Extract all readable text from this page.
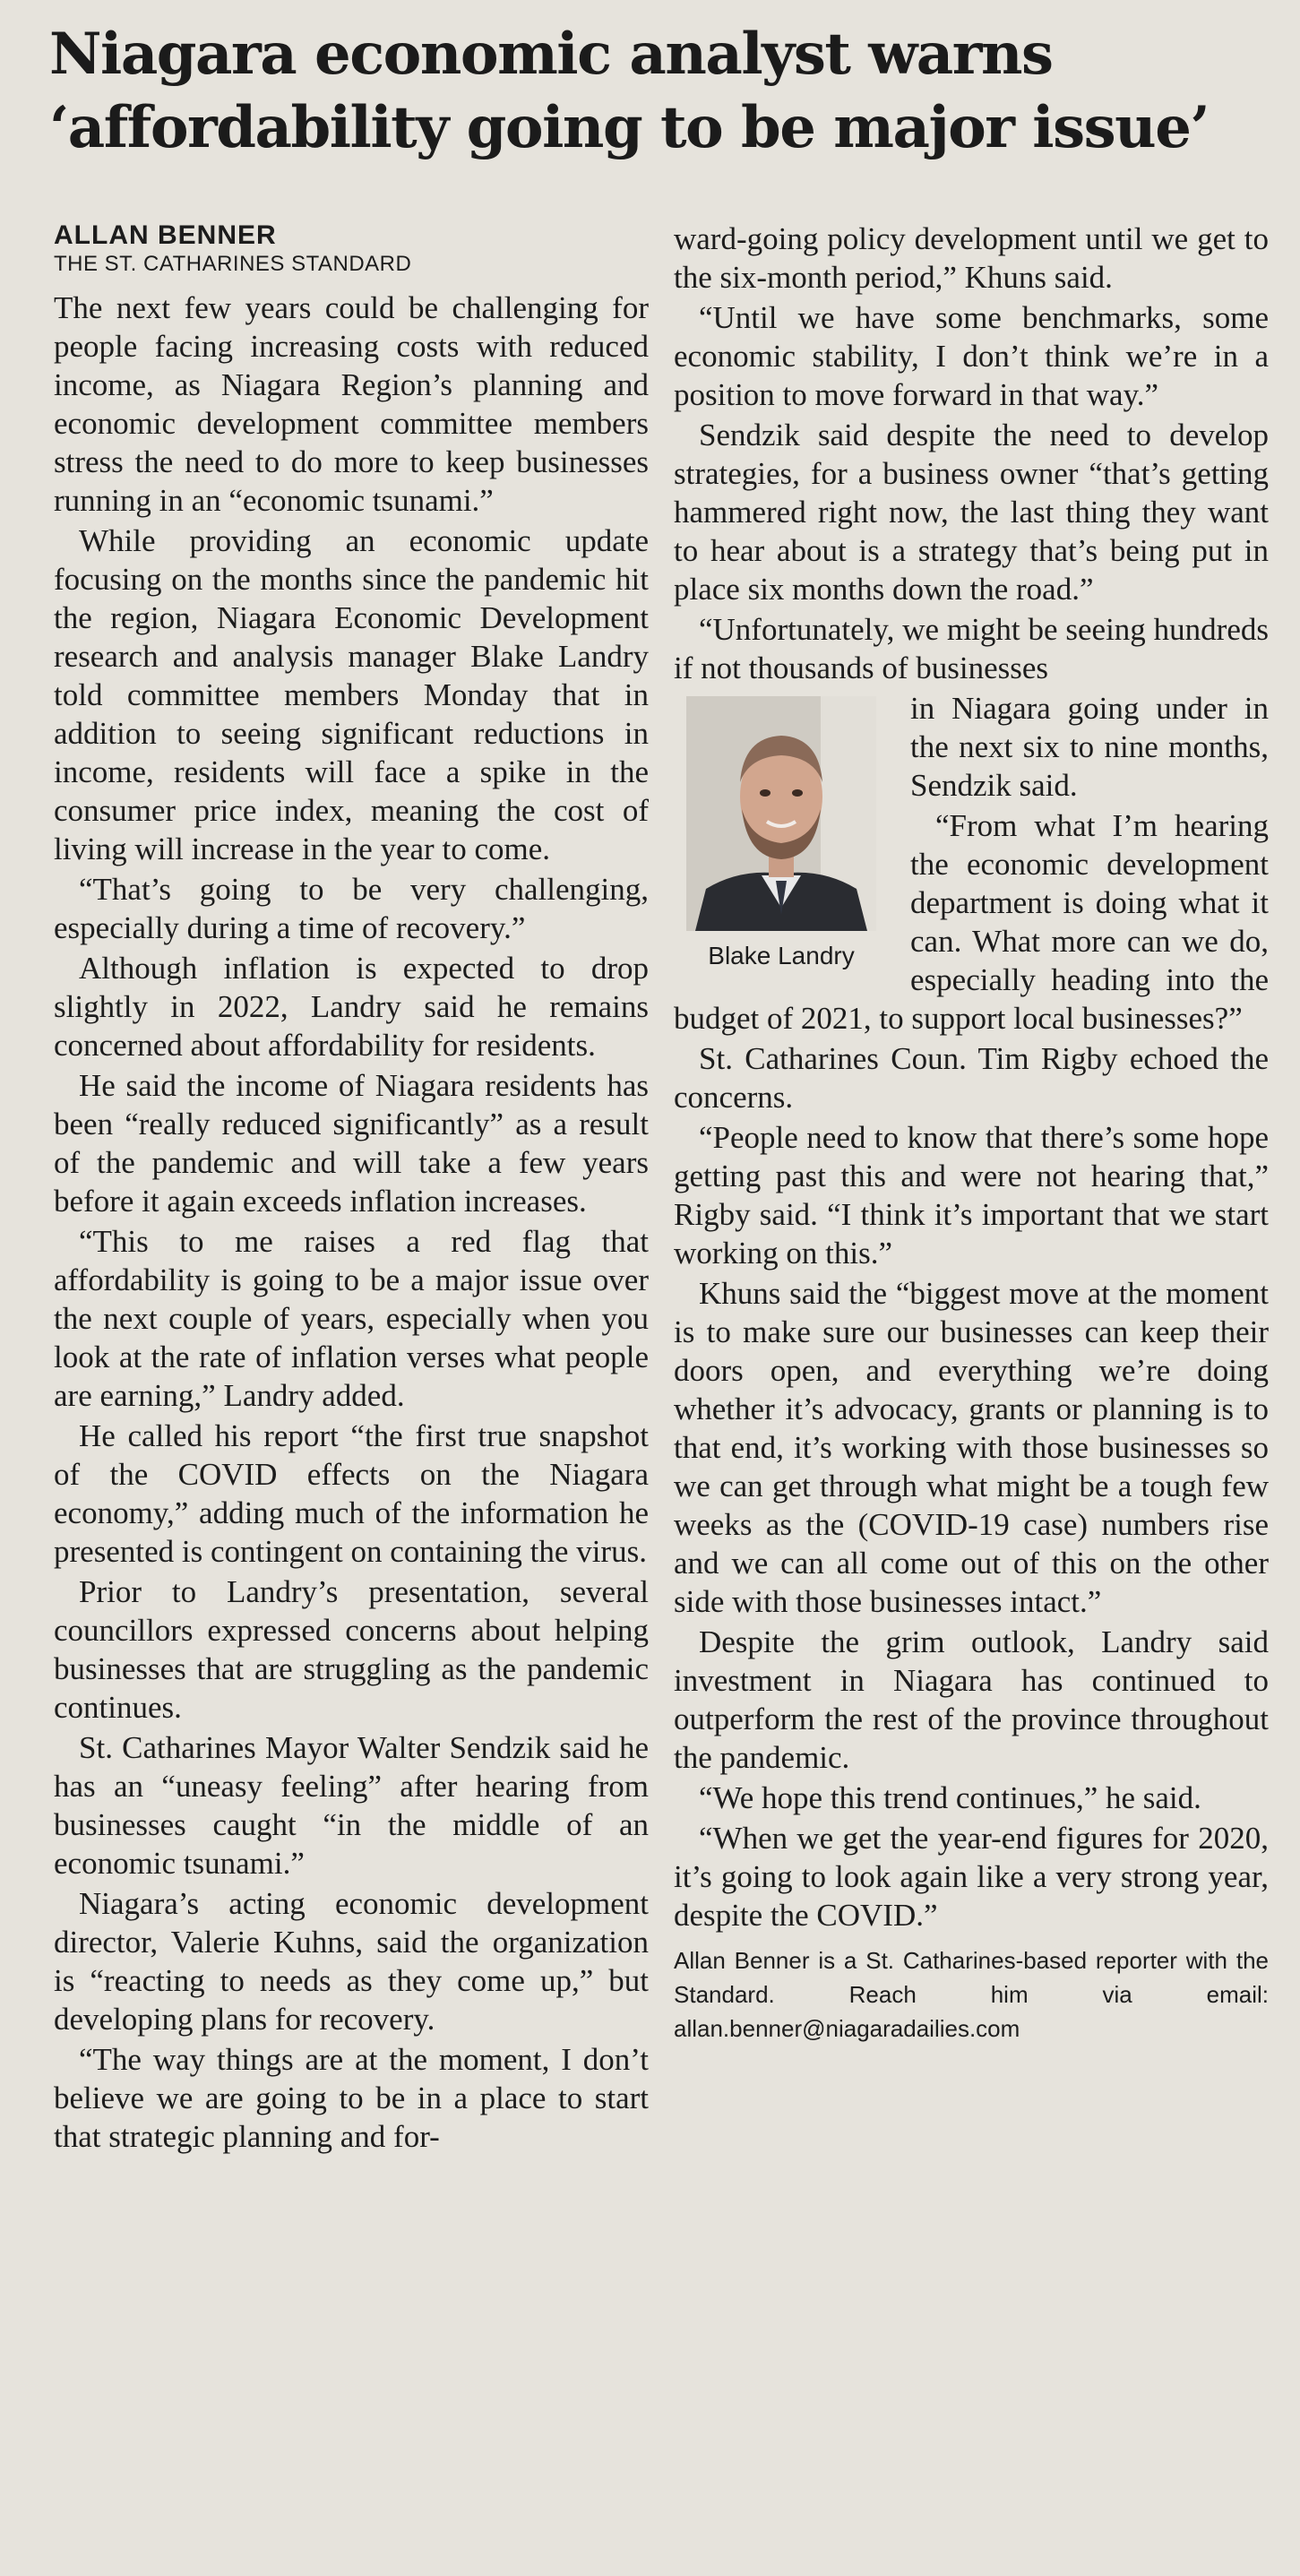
Niagara economic analyst warns
‘affordability going to be major issue’
ALLAN BENNER
THE ST. CATHARINES STANDARD

The next few years could be challenging for people facing increasing costs with reduced income, as Niagara Region’s planning and economic development committee members stress the need to do more to keep businesses running in an “economic tsunami.”

While providing an economic update focusing on the months since the pandemic hit the region, Niagara Economic Development research and analysis manager Blake Landry told committee members Monday that in addition to seeing significant reductions in income, residents will face a spike in the consumer price index, meaning the cost of living will increase in the year to come.

“That’s going to be very challenging, especially during a time of recovery.”

Although inflation is expected to drop slightly in 2022, Landry said he remains concerned about affordability for residents.

He said the income of Niagara residents has been “really reduced significantly” as a result of the pandemic and will take a few years before it again exceeds inflation increases.

“This to me raises a red flag that affordability is going to be a major issue over the next couple of years, especially when you look at the rate of inflation verses what people are earning,” Landry added.

He called his report “the first true snapshot of the COVID effects on the Niagara economy,” adding much of the information he presented is contingent on containing the virus.

Prior to Landry’s presentation, several councillors expressed concerns about helping businesses that are struggling as the pandemic continues.

St. Catharines Mayor Walter Sendzik said he has an “uneasy feeling” after hearing from businesses caught “in the middle of an economic tsunami.”

Niagara’s acting economic development director, Valerie Kuhns, said the organization is “reacting to needs as they come up,” but developing plans for recovery.

“The way things are at the moment, I don’t believe we are going to be in a place to start that strategic planning and for-

ward-going policy development until we get to the six-month period,” Khuns said.

“Until we have some benchmarks, some economic stability, I don’t think we’re in a position to move forward in that way.”

Sendzik said despite the need to develop strategies, for a business owner “that’s getting hammered right now, the last thing they want to hear about is a strategy that’s being put in place six months down the road.”

“Unfortunately, we might be seeing hundreds if not thousands of businesses

Blake Landry

in Niagara going under in the next six to nine months, Sendzik said.

“From what I’m hearing the economic development department is doing what it can. What more can we do, especially heading into the budget of 2021, to support local businesses?”

St. Catharines Coun. Tim Rigby echoed the concerns.

“People need to know that there’s some hope getting past this and were not hearing that,” Rigby said. “I think it’s important that we start working on this.”

Khuns said the “biggest move at the moment is to make sure our businesses can keep their doors open, and everything we’re doing whether it’s advocacy, grants or planning is to that end, it’s working with those businesses so we can get through what might be a tough few weeks as the (COVID-19 case) numbers rise and we can all come out of this on the other side with those businesses intact.”

Despite the grim outlook, Landry said investment in Niagara has continued to outperform the rest of the province throughout the pandemic.

“We hope this trend continues,” he said.

“When we get the year-end figures for 2020, it’s going to look again like a very strong year, despite the COVID.”

Allan Benner is a St. Catharines-based reporter with the Standard. Reach him via email: allan.benner@niagaradailies.com
